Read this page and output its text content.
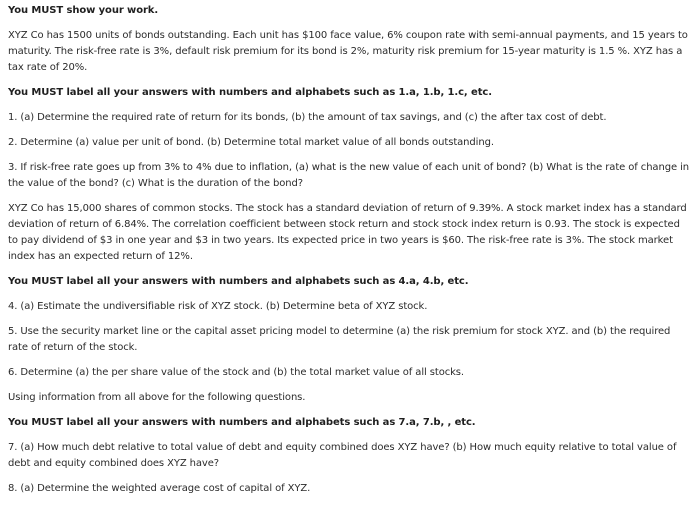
You MUST show your work.

XYZ Co has 1500 units of bonds outstanding. Each unit has $100 face value, 6% coupon rate with semi-annual payments, and 15 years to maturity. The risk-free rate is 3%, default risk premium for its bond is 2%, maturity risk premium for 15-year maturity is 1.5 %. XYZ has a tax rate of 20%.

You MUST label all your answers with numbers and alphabets such as 1.a, 1.b, 1.c, etc.

1. (a) Determine the required rate of return for its bonds, (b) the amount of tax savings, and (c) the after tax cost of debt.

2. Determine (a) value per unit of bond. (b) Determine total market value of all bonds outstanding.

3. If risk-free rate goes up from 3% to 4% due to inflation, (a) what is the new value of each unit of bond? (b) What is the rate of change in the value of the bond? (c) What is the duration of the bond?

XYZ Co has 15,000 shares of common stocks. The stock has a standard deviation of return of 9.39%. A stock market index has a standard deviation of return of 6.84%. The correlation coefficient between stock return and stock stock index return is 0.93. The stock is expected to pay dividend of $3 in one year and $3 in two years. Its expected price in two years is $60. The risk-free rate is 3%. The stock market index has an expected return of 12%.

You MUST label all your answers with numbers and alphabets such as 4.a, 4.b, etc.

4. (a) Estimate the undiversifiable risk of XYZ stock. (b) Determine beta of XYZ stock.

5. Use the security market line or the capital asset pricing model to determine (a) the risk premium for stock XYZ. and (b) the required rate of return of the stock.

6. Determine (a) the per share value of the stock and (b) the total market value of all stocks.

Using information from all above for the following questions.

You MUST label all your answers with numbers and alphabets such as 7.a, 7.b, , etc.

7. (a) How much debt relative to total value of debt and equity combined does XYZ have? (b) How much equity relative to total value of debt and equity combined does XYZ have?

8. (a) Determine the weighted average cost of capital of XYZ.
